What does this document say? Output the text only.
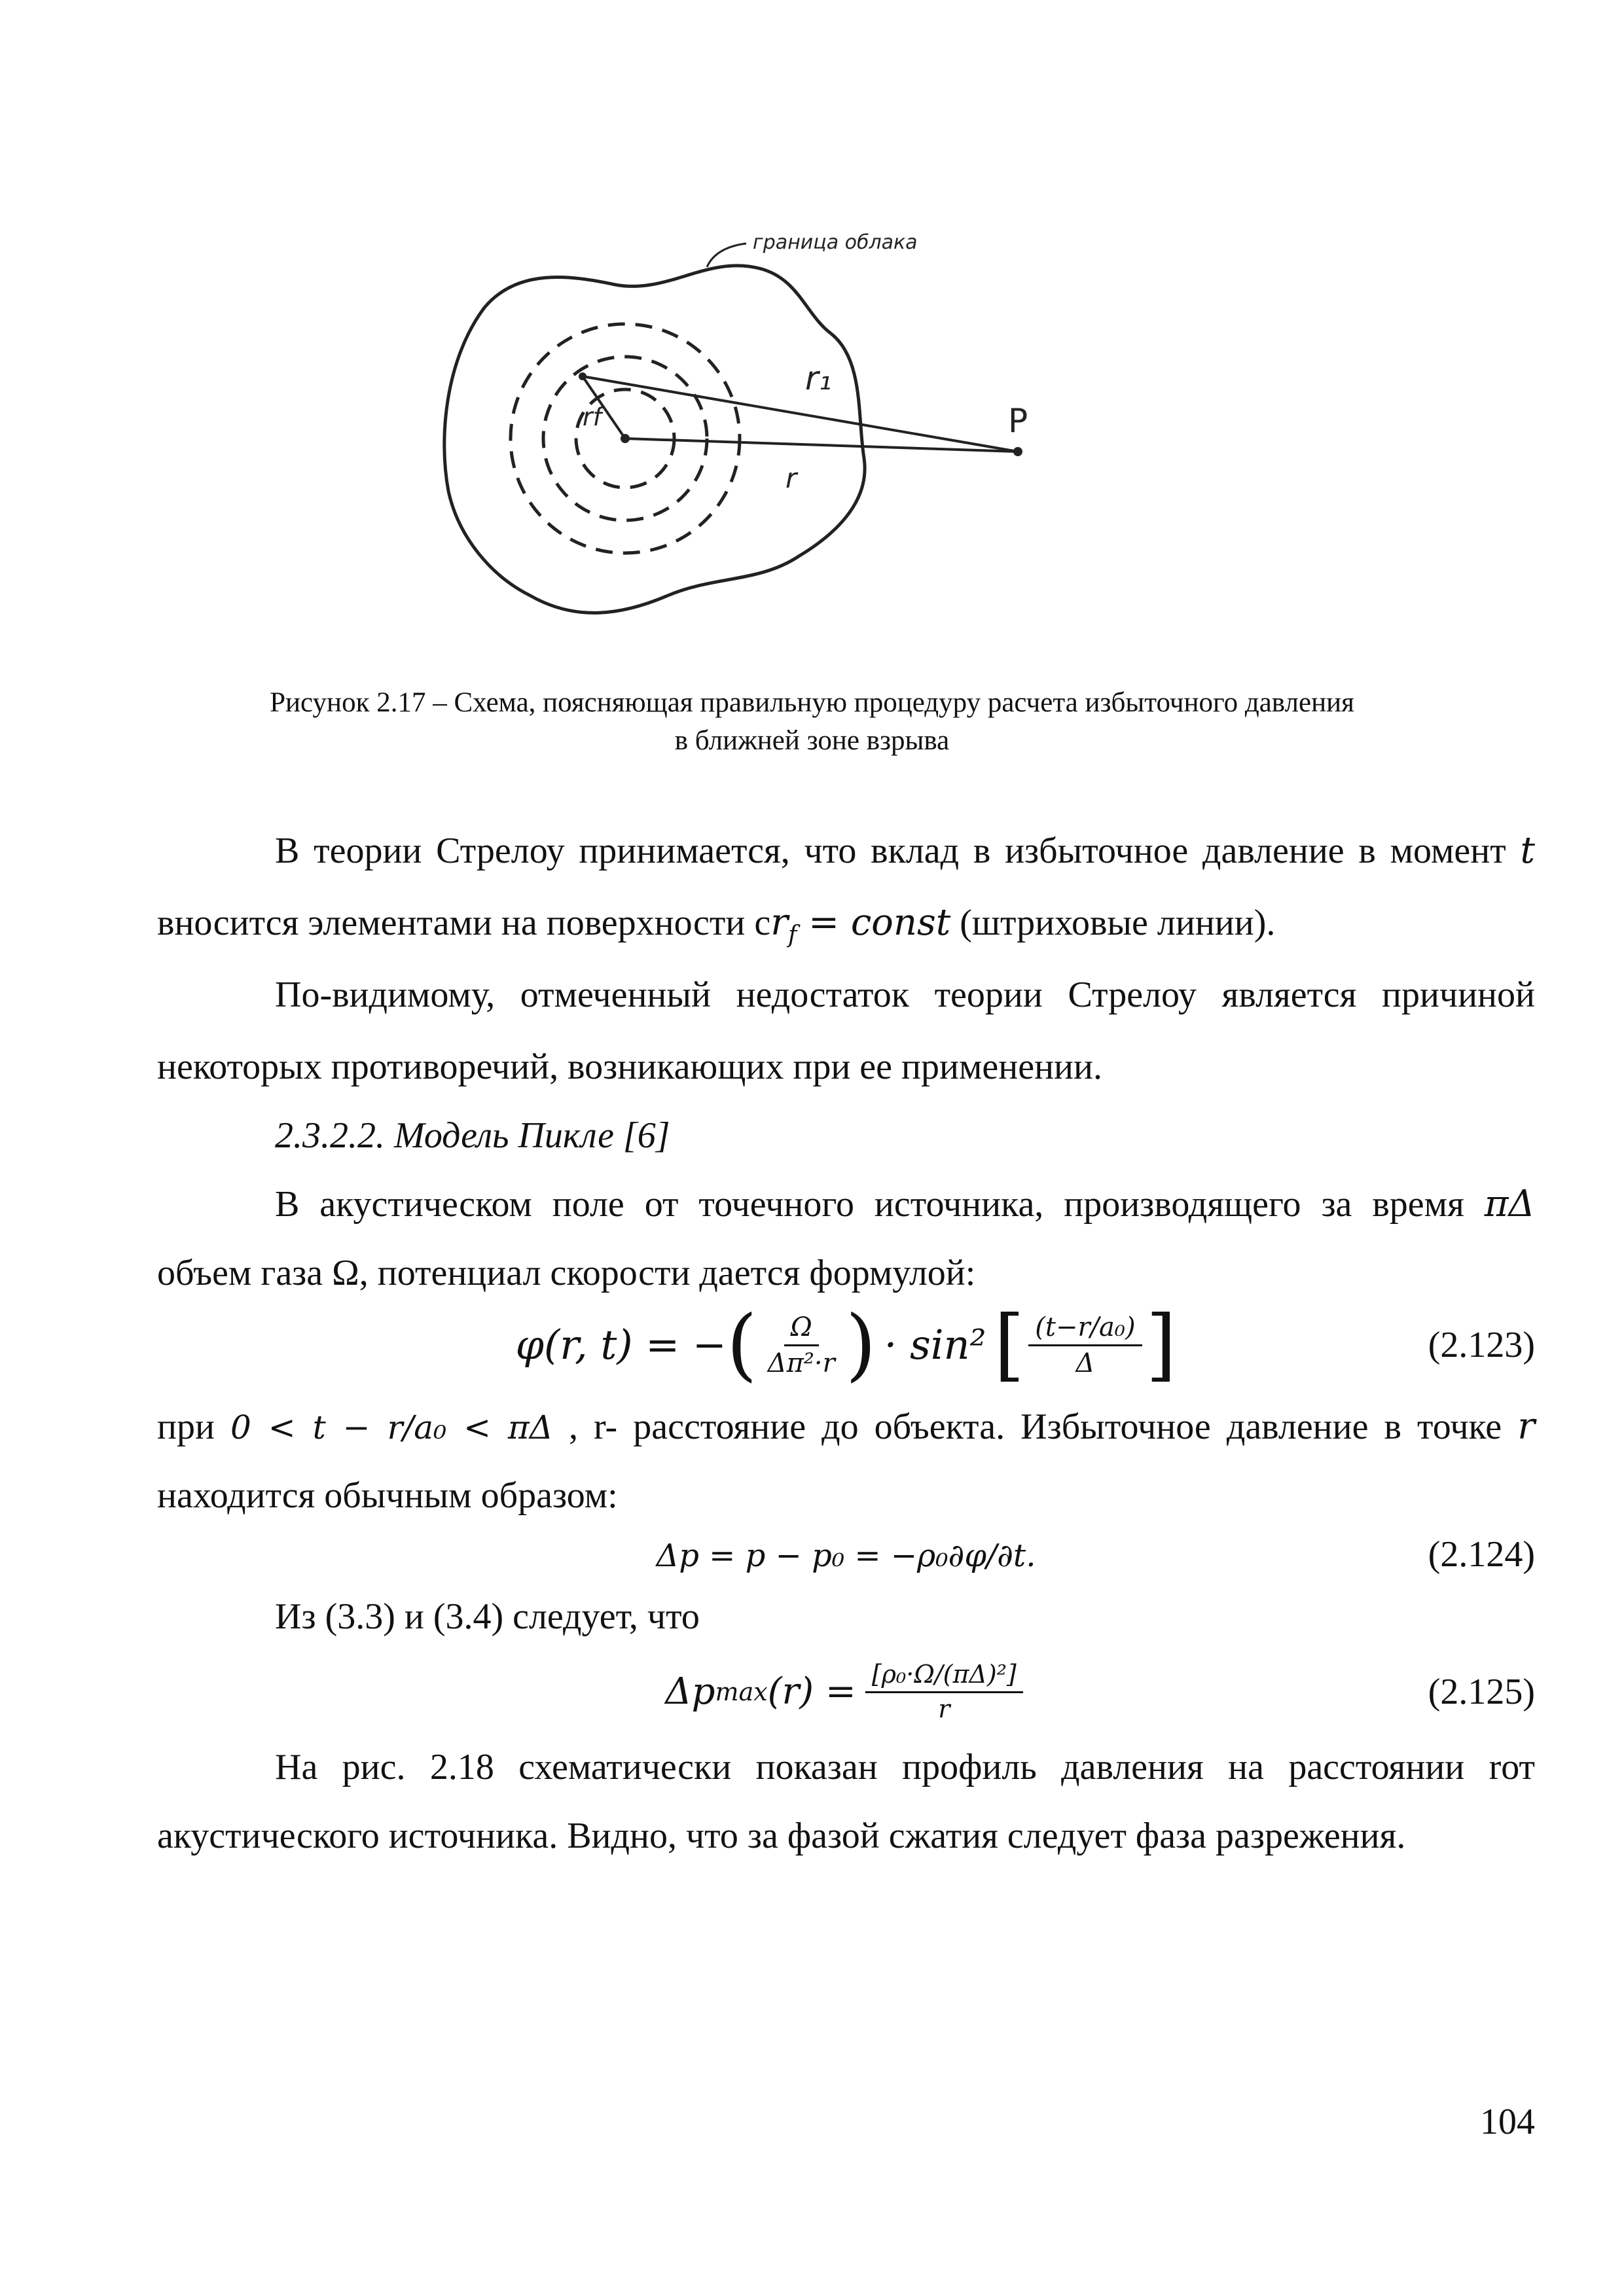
граница облака
r₁
rf
r
P
Рисунок 2.17 – Схема, поясняющая правильную процедуру расчета избыточного давления
в ближней зоне взрыва
В теории Стрелоу принимается, что вклад в избыточное давление в момент t
вносится элементами на поверхности $сr_f$ = const (штриховые линии).
По-видимому, отмеченный недостаток теории Стрелоу является причиной
некоторых противоречий, возникающих при ее применении.
2.3.2.2. Модель Пикле [6]
В акустическом поле от точечного источника, производящего за время πΔ
объем газа Ω, потенциал скорости дается формулой:
φ(r, t) = − ( $\frac{\Omega}{\text{Δπ²·r}}$ ) · sin² [ $\frac{\text{(t−r/a₀)}}{\Delta}$ ]	(2.123)
при 0 < t − r/a₀ < πΔ , r- расстояние до объекта. Избыточное давление в точке r
находится обычным образом:
Δp = p − p₀ = −ρ₀∂φ/∂t.	(2.124)
Из (3.3) и (3.4) следует, что
Δp $\max (r) = \frac{\text{[ρ₀·Ω/(πΔ)²]}}{r}$	(2.125)
На рис. 2.18 схематически показан профиль давления на расстоянии rот
акустического источника. Видно, что за фазой сжатия следует фаза разрежения.
104
